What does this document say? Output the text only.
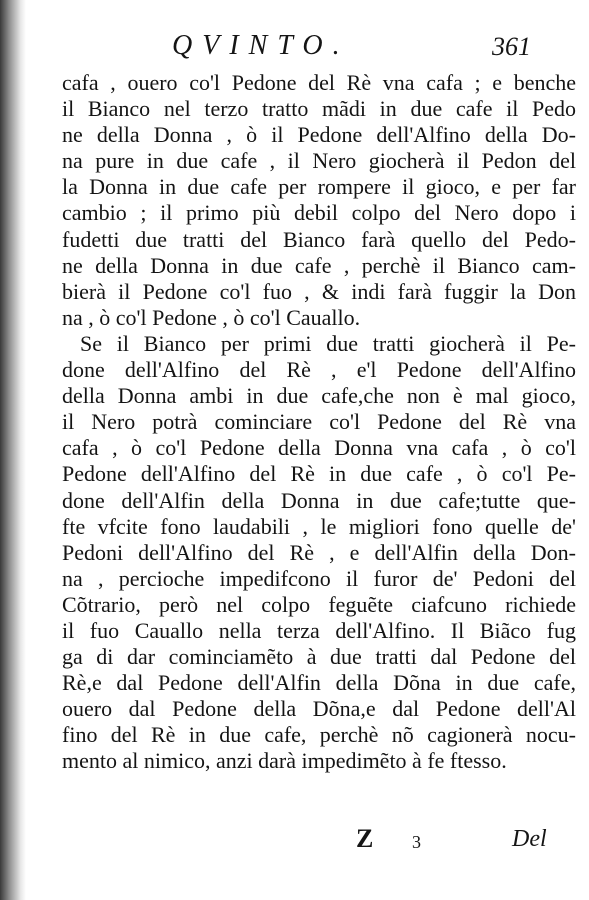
QVINTO.	361
cafa , ouero co'l Pedone del Rè vna cafa ; e benche
il Bianco nel terzo tratto mãdi in due cafe il Pedo
ne della Donna , ò il Pedone dell'Alfino della Do-
na pure in due cafe , il Nero giocherà il Pedon del
la Donna in due cafe per rompere il gioco, e per far
cambio ; il primo più debil colpo del Nero dopo i
fudetti due tratti del Bianco farà quello del Pedo-
ne della Donna in due cafe , perchè il Bianco cam-
bierà il Pedone co'l fuo , & indi farà fuggir la Don
na , ò co'l Pedone , ò co'l Cauallo.
Se il Bianco per primi due tratti giocherà il Pe-
done dell'Alfino del Rè , e'l Pedone dell'Alfino
della Donna ambi in due cafe,che non è mal gioco,
il Nero potrà cominciare co'l Pedone del Rè vna
cafa , ò co'l Pedone della Donna vna cafa , ò co'l
Pedone dell'Alfino del Rè in due cafe , ò co'l Pe-
done dell'Alfin della Donna in due cafe;tutte que-
fte vfcite fono laudabili , le migliori fono quelle de'
Pedoni dell'Alfino del Rè , e dell'Alfin della Don-
na , percioche impedifcono il furor de' Pedoni del
Cõtrario, però nel colpo feguẽte ciafcuno richiede
il fuo Cauallo nella terza dell'Alfino. Il Biãco fug
ga di dar cominciamẽto à due tratti dal Pedone del
Rè,e dal Pedone dell'Alfin della Dõna in due cafe,
ouero dal Pedone della Dõna,e dal Pedone dell'Al
fino del Rè in due cafe, perchè nõ cagionerà nocu-
mento al nimico, anzi darà impedimẽto à fe ftesso.
Z 3	Del
